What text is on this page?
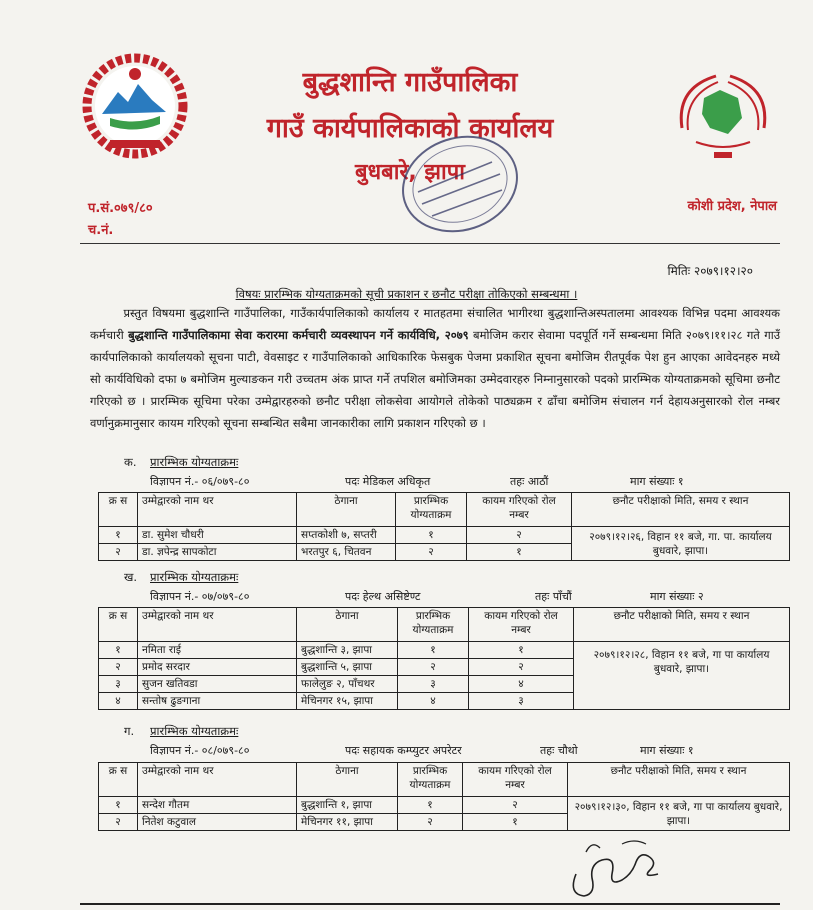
बुद्धशान्ति गाउँपालिका
गाउँ कार्यपालिकाको कार्यालय
बुधबारे, झापा
प.सं.०७९/८०
च.नं.
कोशी प्रदेश, नेपाल
मितिः २०७९।१२।२०
विषयः प्रारम्भिक योग्यताक्रमको सूची प्रकाशन र छनौट परीक्षा तोकिएको सम्बन्धमा ।

प्रस्तुत विषयमा बुद्धशान्ति गाउँपालिका, गाउँकार्यपालिकाको कार्यालय र मातहतमा संचालित भागीरथा बुद्धशान्तिअस्पतालमा आवश्यक विभिन्न पदमा आवश्यक कर्मचारी बुद्धशान्ति गाउँपालिकामा सेवा करारमा कर्मचारी व्यवस्थापन गर्ने कार्यविधि, २०७९ बमोजिम करार सेवामा पदपूर्ति गर्ने सम्बन्धमा मिति २०७९।११।२८ गते गाउँ कार्यपालिकाको कार्यालयको सूचना पाटी, वेवसाइट र गाउँपालिकाको आधिकारिक फेसबुक पेजमा प्रकाशित सूचना बमोजिम रीतपूर्वक पेश हुन आएका आवेदनहरु मध्ये सो कार्यविधिको दफा ७ बमोजिम मुल्याङकन गरी उच्चतम अंक प्राप्त गर्ने तपशिल बमोजिमका उम्मेदवारहरु निम्नानुसारको पदको प्रारम्भिक योग्यताक्रमको सूचिमा छनौट गरिएको छ । प्रारम्भिक सूचिमा परेका उम्मेद्वारहरुको छनौट परीक्षा लोकसेवा आयोगले तोकेको पाठ्यक्रम र ढाँचा बमोजिम संचालन गर्न देहायअनुसारको रोल नम्बर वर्णानुक्रमानुसार कायम गरिएको सूचना सम्बन्धित सबैमा जानकारीका लागि प्रकाशन गरिएको छ ।

क. प्रारम्भिक योग्यताक्रमः
विज्ञापन नं.- ०६/०७९-८०	पदः मेडिकल अधिकृत	तहः आठौं	माग संख्याः १
क्र स	उम्मेद्वारको नाम थर	ठेगाना	प्रारम्भिक योग्यताक्रम	कायम गरिएको रोल नम्बर	छनौट परीक्षाको मिति, समय र स्थान
१	डा. सुमेश चौधरी	सप्तकोशी ७, सप्तरी	१	२	२०७९।१२।२६, विहान ११ बजे, गा. पा. कार्यालय बुधवारे, झापा।
२	डा. ज्ञपेन्द्र सापकोटा	भरतपुर ६, चितवन	२	१	
ख. प्रारम्भिक योग्यताक्रमः
विज्ञापन नं.- ०७/०७९-८०	पदः हेल्थ असिष्टेण्ट	तहः पाँचौं	माग संख्याः २
क्र स	उम्मेद्वारको नाम थर	ठेगाना	प्रारम्भिक योग्यताक्रम	कायम गरिएको रोल नम्बर	छनौट परीक्षाको मिति, समय र स्थान
१	नमिता राई	बुद्धशान्ति ३, झापा	१	१	२०७९।१२।२८, विहान ११ बजे, गा पा कार्यालय बुधवारे, झापा।
२	प्रमोद सरदार	बुद्धशान्ति ५, झापा	२	२	
३	सुजन खतिवडा	फालेलुङ २, पाँचथर	३	४	
४	सन्तोष ढुङगाना	मेचिनगर १५, झापा	४	३	
ग. प्रारम्भिक योग्यताक्रमः
विज्ञापन नं.- ०८/०७९-८०	पदः सहायक कम्प्युटर अपरेटर	तहः चौथो	माग संख्याः १
क्र स	उम्मेद्वारको नाम थर	ठेगाना	प्रारम्भिक योग्यताक्रम	कायम गरिएको रोल नम्बर	छनौट परीक्षाको मिति, समय र स्थान
१	सन्देश गौतम	बुद्धशान्ति १, झापा	१	२	२०७९।१२।३०, विहान ११ बजे, गा पा कार्यालय बुधवारे, झापा।
२	नितेश कटुवाल	मेचिनगर ११, झापा	२	१	
